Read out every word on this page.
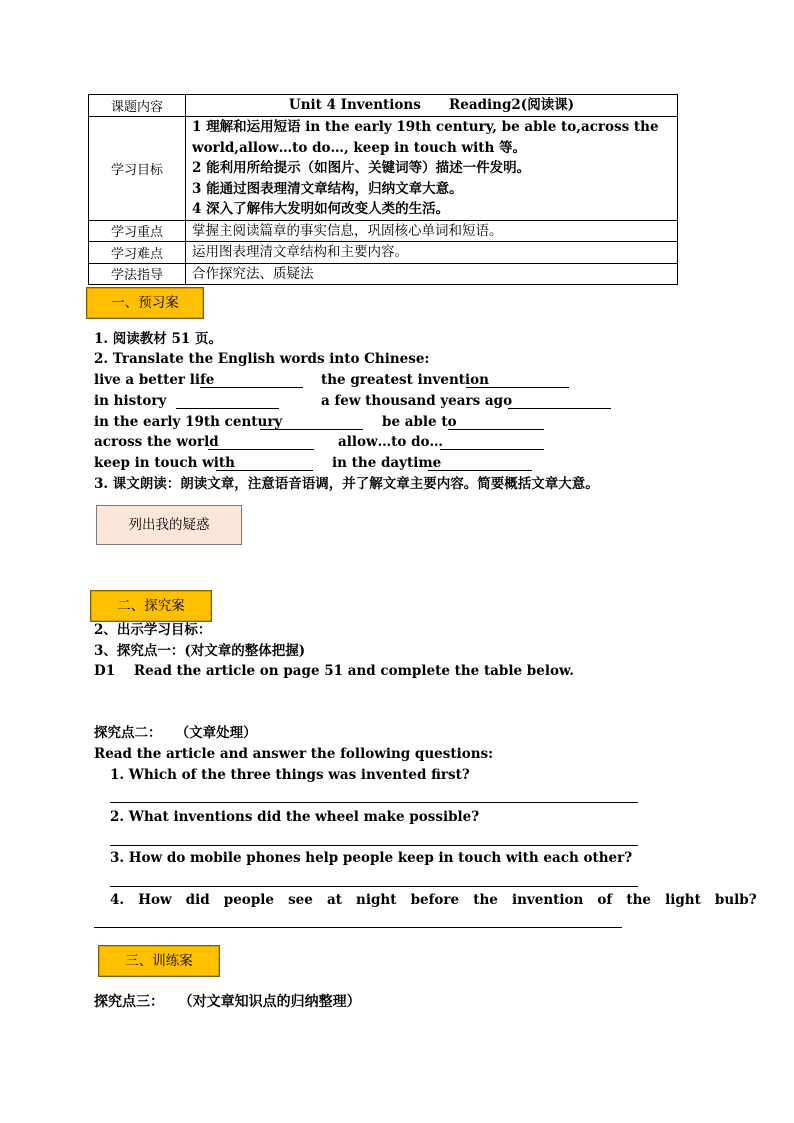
课题内容	Unit 4 Inventions      Reading2(阅读课)
学习目标	1 理解和运用短语 in the early 19th century, be able to,across the
world,allow…to do…, keep in touch with 等。
2 能利用所给提示（如图片、关键词等）描述一件发明。
3 能通过图表理清文章结构，归纳文章大意。
4 深入了解伟大发明如何改变人类的生活。

学习重点	掌握主阅读篇章的事实信息，巩固核心单词和短语。
学习难点	运用图表理清文章结构和主要内容。
学法指导	合作探究法、质疑法
一、预习案
1. 阅读教材 51 页。
2. Translate the English words into Chinese:
live a better life	the greatest invention
in history	a few thousand years ago
in the early 19th century	be able to
across the world	allow…to do…
keep in touch with	in the daytime
3. 课文朗读：朗读文章，注意语音语调，并了解文章主要内容。简要概括文章大意。
列出我的疑惑
二、探究案
2、出示学习目标：
3、探究点一：(对文章的整体把握)
D1    Read the article on page 51 and complete the table below.
探究点二：   （文章处理）
Read the article and answer the following questions:
1. Which of the three things was invented first?
2. What inventions did the wheel make possible?
3. How do mobile phones help people keep in touch with each other?
4.   How   did   people   see   at   night   before   the   invention   of   the   light   bulb?
三、训练案
探究点三：   （对文章知识点的归纳整理）
